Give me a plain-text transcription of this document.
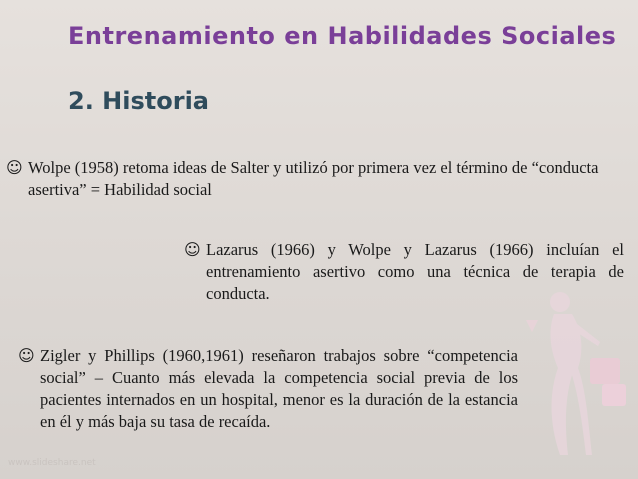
Entrenamiento en Habilidades Sociales
2. Historia
☺ Wolpe (1958) retoma ideas de Salter y utilizó por primera vez el término de “conducta asertiva” = Habilidad social
☺ Lazarus (1966) y Wolpe y Lazarus (1966) incluían el entrenamiento asertivo como una técnica de terapia de conducta.
☺ Zigler y Phillips (1960,1961) reseñaron trabajos sobre “competencia social” – Cuanto más elevada la competencia social previa de los pacientes internados en un hospital, menor es la duración de la estancia en él y más baja su tasa de recaída.
www.slideshare.net
